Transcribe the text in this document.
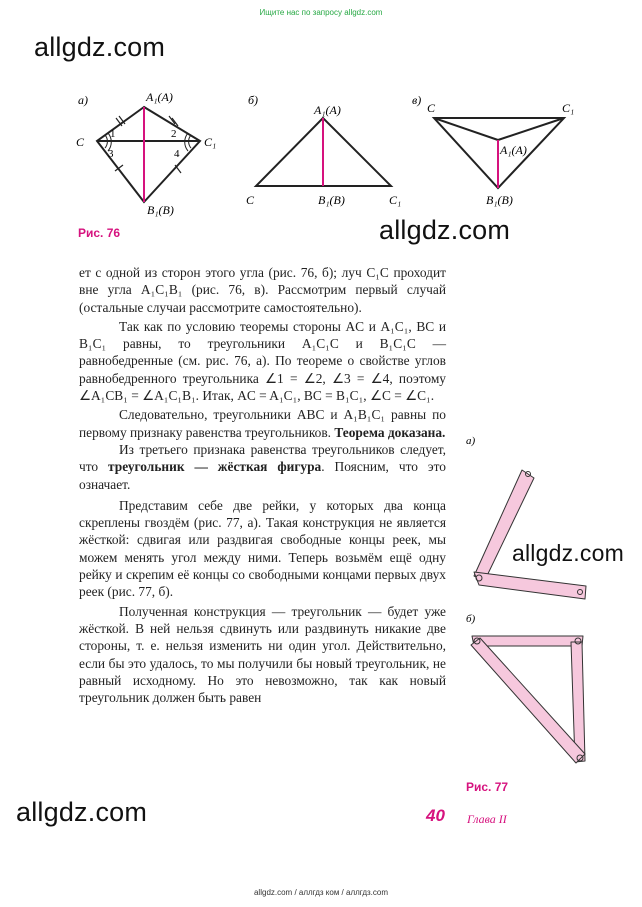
Ищите нас по запросу allgdz.com
allgdz.com
allgdz.com
allgdz.com
allgdz.com
а)	A₁(A)
B₁(B)
C	C₁
1	2
3	4
б)
A₁(A)
B₁(B)
C	C₁
в)
C	C₁
A₁(A)
B₁(B)
Рис. 76

ет с одной из сторон этого угла (рис. 76, б); луч C₁C проходит вне угла A₁C₁B₁ (рис. 76, в). Рассмотрим первый случай (остальные случаи рассмотрите самостоятельно).

Так как по условию теоремы стороны AC и A₁C₁, BC и B₁C₁ равны, то треугольники A₁C₁C и B₁C₁C — равнобедренные (см. рис. 76, а). По теореме о свойстве углов равнобедренного треугольника ∠1 = ∠2, ∠3 = ∠4, поэтому ∠A₁CB₁ = ∠A₁C₁B₁. Итак, AC = A₁C₁, BC = B₁C₁, ∠C = ∠C₁.

Следовательно, треугольники ABC и A₁B₁C₁ равны по первому признаку равенства треугольников. Теорема доказана.

Из третьего признака равенства треугольников следует, что треугольник — жёсткая фигура. Поясним, что это означает.

Представим себе две рейки, у которых два конца скреплены гвоздём (рис. 77, а). Такая конструкция не является жёсткой: сдвигая или раздвигая свободные концы реек, мы можем менять угол между ними. Теперь возьмём ещё одну рейку и скрепим её концы со свободными концами первых двух реек (рис. 77, б).

Полученная конструкция — треугольник — будет уже жёсткой. В ней нельзя сдвинуть или раздвинуть никакие две стороны, т. е. нельзя изменить ни один угол. Действительно, если бы это удалось, то мы получили бы новый треугольник, не равный исходному. Но это невозможно, так как новый треугольник должен быть равен

а)
б)
Рис. 77
40 Глава II
allgdz.com / аллгдз ком / аллгдз.com
